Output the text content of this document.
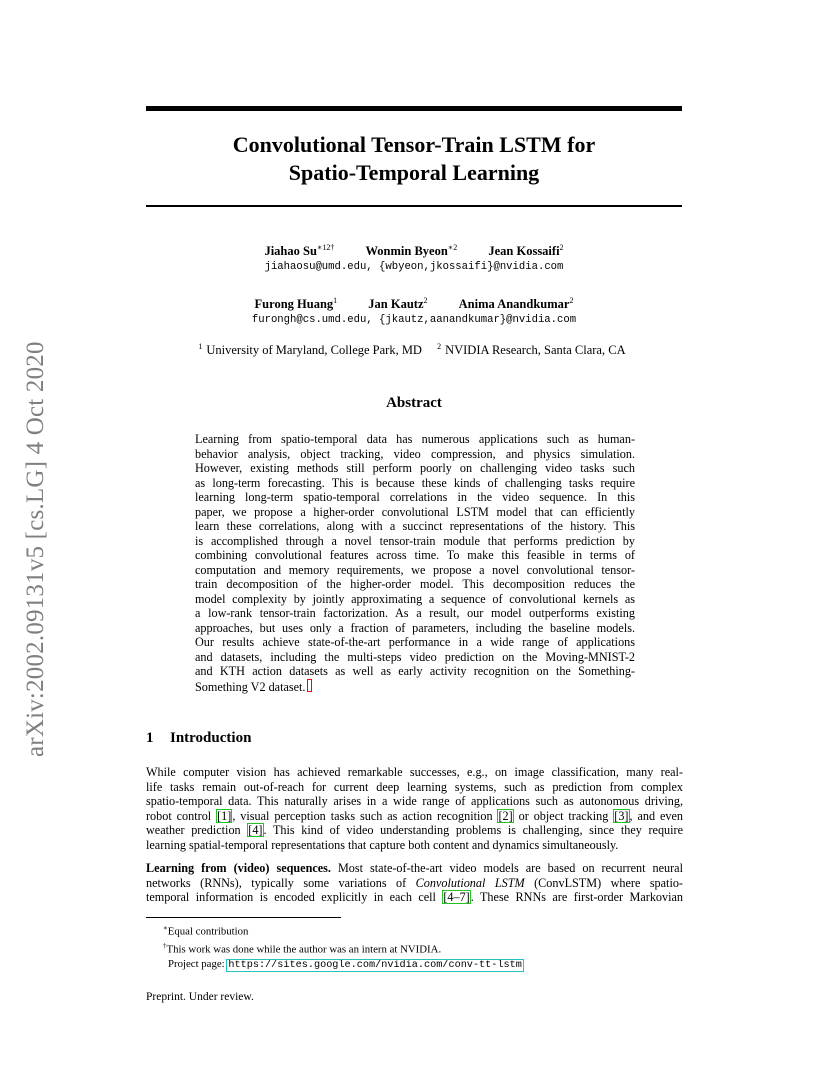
arXiv:2002.09131v5 [cs.LG] 4 Oct 2020
Convolutional Tensor-Train LSTM for
Spatio-Temporal Learning
Jiahao $Su^{∗12\dagger}$ Wonmin Byeon$^{∗2}$ Jean Kossaifi$^2$
jiahaosu@umd.edu, {wbyeon,jkossaifi}@nvidia.com
Furong Huang$^1$ Jan Kautz$^2$ Anima Anandkumar$^2$
furongh@cs.umd.edu, {jkautz,aanandkumar}@nvidia.com
$^1$ University of Maryland, College Park, MD $^2$ NVIDIA Research, Santa Clara, CA
Abstract
Learning from spatio-temporal data has numerous applications such as human-
behavior analysis, object tracking, video compression, and physics simulation.
However, existing methods still perform poorly on challenging video tasks such
as long-term forecasting. This is because these kinds of challenging tasks require
learning long-term spatio-temporal correlations in the video sequence. In this
paper, we propose a higher-order convolutional LSTM model that can efficiently
learn these correlations, along with a succinct representations of the history. This
is accomplished through a novel tensor-train module that performs prediction by
combining convolutional features across time. To make this feasible in terms of
computation and memory requirements, we propose a novel convolutional tensor-
train decomposition of the higher-order model. This decomposition reduces the
model complexity by jointly approximating a sequence of convolutional kernels as
a low-rank tensor-train factorization. As a result, our model outperforms existing
approaches, but uses only a fraction of parameters, including the baseline models.
Our results achieve state-of-the-art performance in a wide range of applications
and datasets, including the multi-steps video prediction on the Moving-MNIST-2
and KTH action datasets as well as early activity recognition on the Something-
Something V2 dataset.
1 Introduction
While computer vision has achieved remarkable successes, e.g., on image classification, many real-
life tasks remain out-of-reach for current deep learning systems, such as prediction from complex
spatio-temporal data. This naturally arises in a wide range of applications such as autonomous driving,
robot control [1], visual perception tasks such as action recognition [2] or object tracking [3], and even
weather prediction [4]. This kind of video understanding problems is challenging, since they require
learning spatial-temporal representations that capture both content and dynamics simultaneously.
Learning from (video) sequences. Most state-of-the-art video models are based on recurrent neural
networks (RNNs), typically some variations of Convolutional LSTM (ConvLSTM) where spatio-
temporal information is encoded explicitly in each cell [4–7]. These RNNs are first-order Markovian
∗Equal contribution
†This work was done while the author was an intern at NVIDIA.
Project page: https://sites.google.com/nvidia.com/conv-tt-lstm
Preprint. Under review.
